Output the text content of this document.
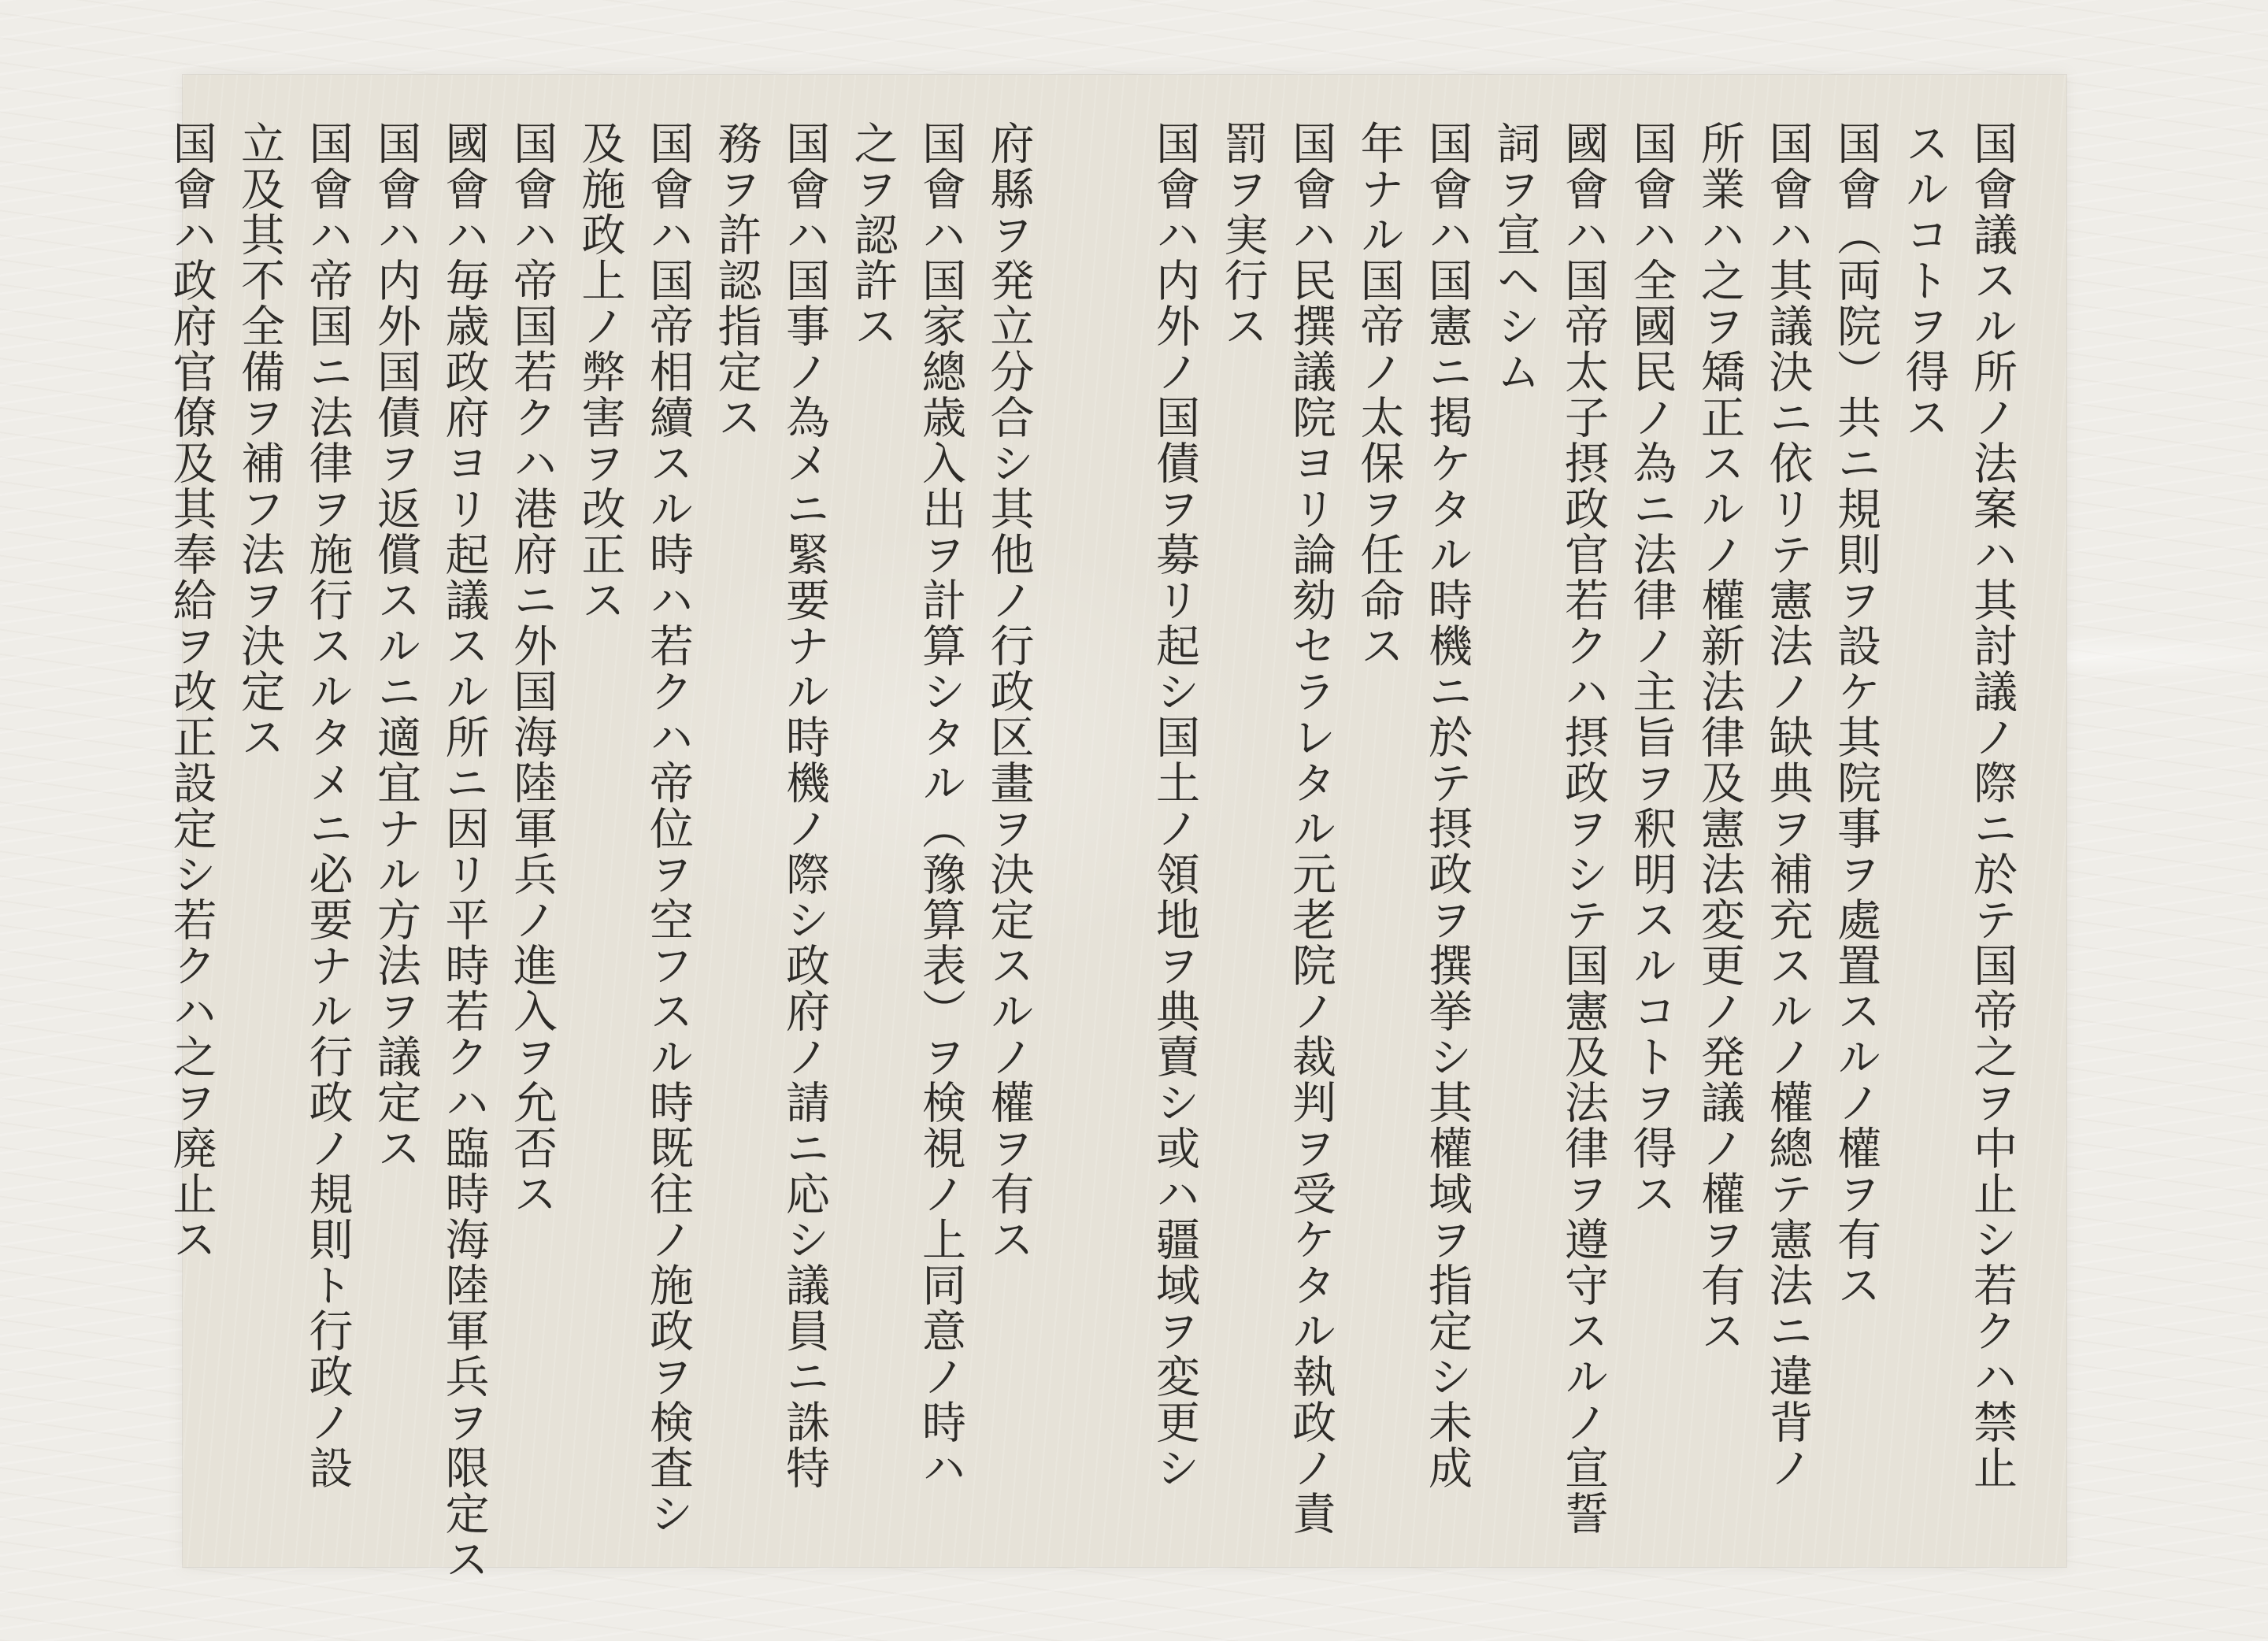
国會議スル所ノ法案ハ其討議ノ際ニ於テ国帝之ヲ中止シ若クハ禁止
スルコトヲ得ス
国會（両院）共ニ規則ヲ設ケ其院事ヲ處置スルノ權ヲ有ス
国會ハ其議決ニ依リテ憲法ノ缺典ヲ補充スルノ權總テ憲法ニ違背ノ
所業ハ之ヲ矯正スルノ權新法律及憲法変更ノ発議ノ權ヲ有ス
国會ハ全國民ノ為ニ法律ノ主旨ヲ釈明スルコトヲ得ス
國會ハ国帝太子摂政官若クハ摂政ヲシテ国憲及法律ヲ遵守スルノ宣誓
詞ヲ宣ヘシム
国會ハ国憲ニ掲ケタル時機ニ於テ摂政ヲ撰挙シ其權域ヲ指定シ未成
年ナル国帝ノ太保ヲ任命ス
国會ハ民撰議院ヨリ論劾セラレタル元老院ノ裁判ヲ受ケタル執政ノ責
罰ヲ実行ス
国會ハ内外ノ国債ヲ募リ起シ国土ノ領地ヲ典賣シ或ハ疆域ヲ変更シ
府縣ヲ発立分合シ其他ノ行政区畫ヲ決定スルノ權ヲ有ス
国會ハ国家總歳入出ヲ計算シタル（豫算表）ヲ検視ノ上同意ノ時ハ
之ヲ認許ス
国會ハ国事ノ為メニ緊要ナル時機ノ際シ政府ノ請ニ応シ議員ニ誅特
務ヲ許認指定ス
国會ハ国帝相續スル時ハ若クハ帝位ヲ空フスル時既往ノ施政ヲ検査シ
及施政上ノ弊害ヲ改正ス
国會ハ帝国若クハ港府ニ外国海陸軍兵ノ進入ヲ允否ス
國會ハ毎歳政府ヨリ起議スル所ニ因リ平時若クハ臨時海陸軍兵ヲ限定ス
国會ハ内外国債ヲ返償スルニ適宜ナル方法ヲ議定ス
国會ハ帝国ニ法律ヲ施行スルタメニ必要ナル行政ノ規則ト行政ノ設
立及其不全備ヲ補フ法ヲ決定ス
国會ハ政府官僚及其奉給ヲ改正設定シ若クハ之ヲ廃止ス
